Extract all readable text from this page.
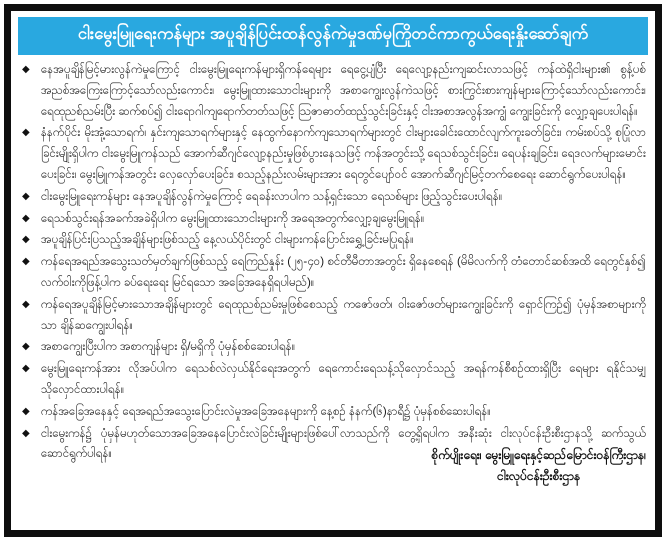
ငါးမွေးမြူရေးကန်များ အပူချိန်ပြင်းထန်လွန်ကဲမှုဒဏ်မှကြိုတင်ကာကွယ်ရေးနှိုးဆော်ချက်
◆ နေအပူချိန်မြင့်မားလွန်ကဲမှုကြောင့် ငါးမွေးမြူရေးကန်များရှိကန်ရေများ ရေငွေ့ပျံပြီး ရေလျော့နည်းကျဆင်းလာသဖြင့် ကန်ထဲရှိငါးများ၏ စွန့်ပစ်အညစ်အကြေးကြောင့်သော်လည်းကောင်း၊ မွေးမြူထားသောငါးများကို အစာကျွေးလွန်ကဲသဖြင့် စားကြွင်းစားကျန်များကြောင့်သော်လည်းကောင်း၊ ရေထုညစ်ညမ်းပြီး ဆက်စပ်၍ ငါးရောဂါကျရောက်တတ်သဖြင့် သြဇာဓာတ်ထည့်သွင်းခြင်းနှင့် ငါးအစာအလွန်အကျွံ ကျွေးခြင်းကို လျှော့ချပေးပါရန်။
◆ နံနက်ပိုင်း မိုးအုံ့သောရက်၊ နှင်းကျသောရက်များနှင့် နေထွက်နောက်ကျသောရက်များတွင် ငါးများခေါင်းထောင်လျက်ကူးခတ်ခြင်း၊ ကမ်းစပ်သို့ စုပြုံလာခြင်းမျိုးရှိပါက ငါးမွေးမြူကန်သည် အောက်ဆီဂျင်လျော့နည်းမှုဖြစ်ပွားနေသဖြင့် ကန်အတွင်းသို့ ရေသစ်သွင်းခြင်း၊ ရေပန်းချခြင်း၊ ရေဒလက်များမောင်းပေးခြင်း၊ မွေးမြူကန်အတွင်း လှေလှော်ပေးခြင်း၊ စသည့်နည်းလမ်းများအား ရေတွင်ပျော်ဝင် အောက်ဆီဂျင်မြင့်တက်စေရေး ဆောင်ရွက်ပေးပါရန်။
◆ ငါးမွေးမြူရေးကန်များ နေအပူချိန်လွန်ကဲမှုကြောင့် ရေခန်းလာပါက သန့်ရှင်းသော ရေသစ်များ ဖြည့်သွင်းပေးပါရန်။
◆ ရေသစ်သွင်းရန်အခက်အခဲရှိပါက မွေးမြူထားသောငါးများကို အရေအတွက်လျှော့ချမွေးမြူရန်။
◆ အပူချိန်ပြင်းပြသည့်အချိန်များဖြစ်သည့် နေ့လယ်ပိုင်းတွင် ငါးများကန်ပြောင်းရွှေ့ခြင်းမပြုရန်။
◆ ကန်ရေအရည်အသွေးသတ်မှတ်ချက်ဖြစ်သည့် ရေကြည်နှုန်း (၂၅-၄၀) စင်တီမီတာအတွင်း ရှိနေစေရန် (မိမိလက်ကို တံတောင်ဆစ်အထိ ရေတွင်နှစ်၍ လက်ဝါးကိုဖြန့်ပါက ခပ်ရေးရေး မြင်ရသော အခြေအနေရှိရပါမည်)။
◆ ကန်ရေအပူချိန်မြင့်မားသောအချိန်များတွင် ရေထုညစ်ညမ်းမှုဖြစ်စေသည့် ကဇော်ဖတ်၊ ဝါးဇော်ဖတ်များကျွေးခြင်းကို ရှောင်ကြဉ်၍ ပုံမှန်အစာများကိုသာ ချိန်ဆကျွေးပါရန်။
◆ အစာကျွေးပြီးပါက အစာကျန်များ ရှိ/မရှိကို ပုံမှန်စစ်ဆေးပါရန်။
◆ မွေးမြူရေးကန်အား လိုအပ်ပါက ရေသစ်လဲလှယ်နိုင်ရေးအတွက် ရေကောင်းရေသန့်သိုလှောင်သည့် အရန်ကန်စီစဉ်ထားရှိပြီး ရေများ ရနိုင်သမျှ သိုလှောင်ထားပါရန်။
◆ ကန်အခြေအနေနှင့် ရေအရည်အသွေးပြောင်းလဲမှုအခြေအနေများကို နေ့စဉ် နံနက်(၆)နာရီ၌ ပုံမှန်စစ်ဆေးပါရန်။
◆ ငါးမွေးကန်၌ ပုံမှန်မဟုတ်သောအခြေအနေပြောင်းလဲခြင်းမျိုးများဖြစ်ပေါ်လာသည်ကို တွေ့ရှိရပါက အနီးဆုံး ငါးလုပ်ငန်းဦးစီးဌာနသို့ ဆက်သွယ်ဆောင်ရွက်ပါရန်။	စိုက်ပျိုးရေး၊ မွေးမြူရေးနှင့်ဆည်မြောင်းဝန်ကြီးဌာန၊
ငါးလုပ်ငန်းဦးစီးဌာန
